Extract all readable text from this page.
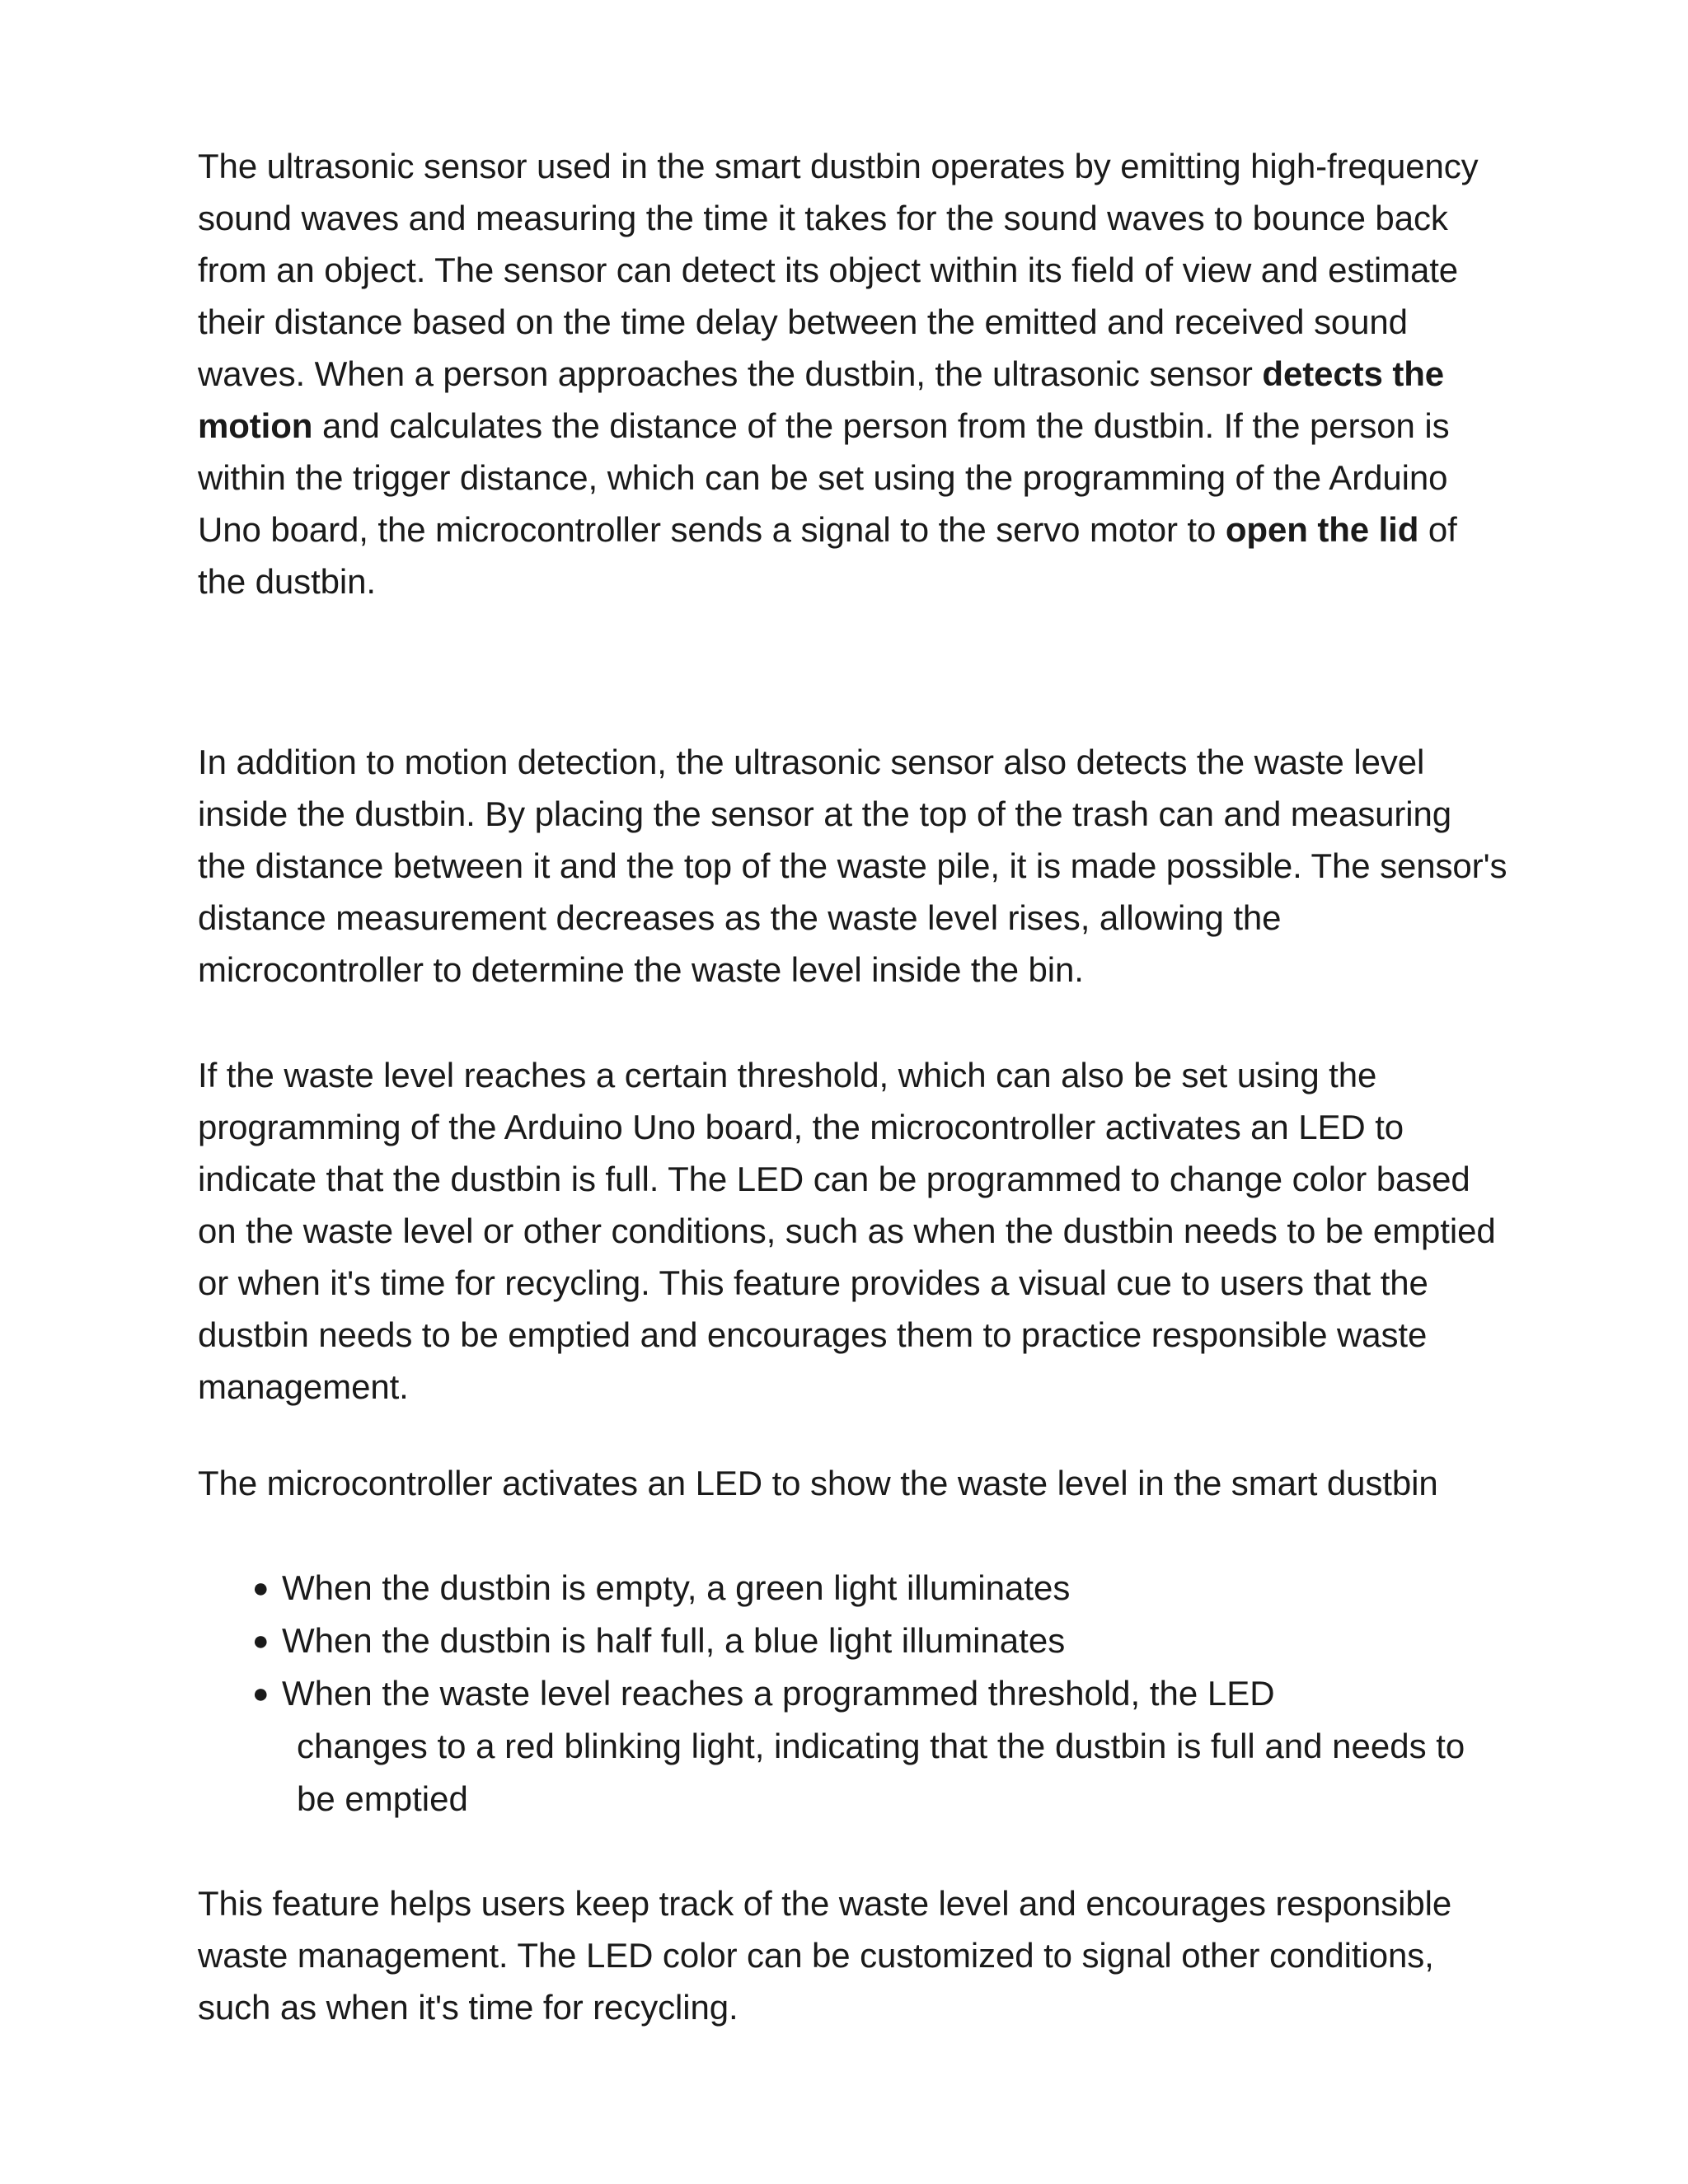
The ultrasonic sensor used in the smart dustbin operates by emitting high-frequency sound waves and measuring the time it takes for the sound waves to bounce back from an object. The sensor can detect its object within its field of view and estimate their distance based on the time delay between the emitted and received sound waves. When a person approaches the dustbin, the ultrasonic sensor detects the motion and calculates the distance of the person from the dustbin. If the person is within the trigger distance, which can be set using the programming of the Arduino Uno board, the microcontroller sends a signal to the servo motor to open the lid of the dustbin.

In addition to motion detection, the ultrasonic sensor also detects the waste level inside the dustbin. By placing the sensor at the top of the trash can and measuring the distance between it and the top of the waste pile, it is made possible. The sensor's distance measurement decreases as the waste level rises, allowing the microcontroller to determine the waste level inside the bin.

If the waste level reaches a certain threshold, which can also be set using the programming of the Arduino Uno board, the microcontroller activates an LED to indicate that the dustbin is full. The LED can be programmed to change color based on the waste level or other conditions, such as when the dustbin needs to be emptied or when it's time for recycling. This feature provides a visual cue to users that the dustbin needs to be emptied and encourages them to practice responsible waste management.

The microcontroller activates an LED to show the waste level in the smart dustbin

● When the dustbin is empty, a green light illuminates
● When the dustbin is half full, a blue light illuminates
● When the waste level reaches a programmed threshold, the LED
changes to a red blinking light, indicating that the dustbin is full and needs to be emptied

This feature helps users keep track of the waste level and encourages responsible waste management. The LED color can be customized to signal other conditions, such as when it's time for recycling.
